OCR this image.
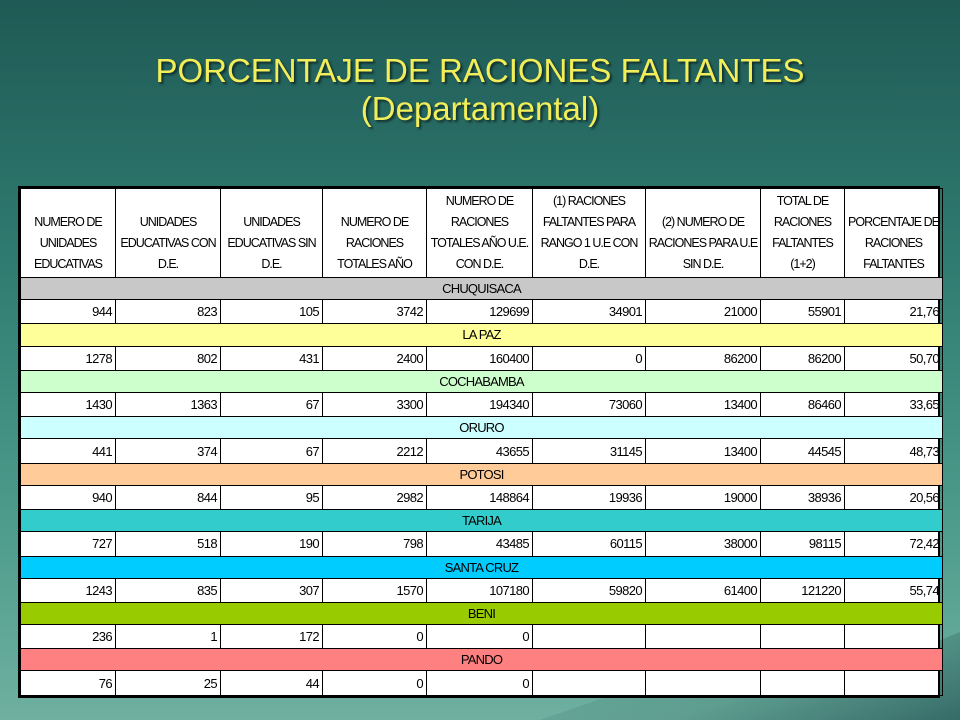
PORCENTAJE DE RACIONES FALTANTES
(Departamental)
NUMERO DE UNIDADES EDUCATIVAS	UNIDADES EDUCATIVAS CON D.E.	UNIDADES EDUCATIVAS SIN D.E.	NUMERO DE RACIONES TOTALES AÑO	NUMERO DE RACIONES TOTALES AÑO U.E. CON D.E.	(1) RACIONES FALTANTES PARA RANGO 1 U.E CON D.E.	(2) NUMERO DE RACIONES PARA U.E SIN D.E.	TOTAL DE RACIONES FALTANTES (1+2)	PORCENTAJE DE RACIONES FALTANTES
CHUQUISACA								
944	823	105	3742	129699	34901	21000	55901	21,76
LA PAZ								
1278	802	431	2400	160400	0	86200	86200	50,70
COCHABAMBA								
1430	1363	67	3300	194340	73060	13400	86460	33,65
ORURO								
441	374	67	2212	43655	31145	13400	44545	48,73
POTOSI								
940	844	95	2982	148864	19936	19000	38936	20,56
TARIJA								
727	518	190	798	43485	60115	38000	98115	72,42
SANTA CRUZ								
1243	835	307	1570	107180	59820	61400	121220	55,74
BENI								
236	1	172	0	0				
PANDO								
76	25	44	0	0				
